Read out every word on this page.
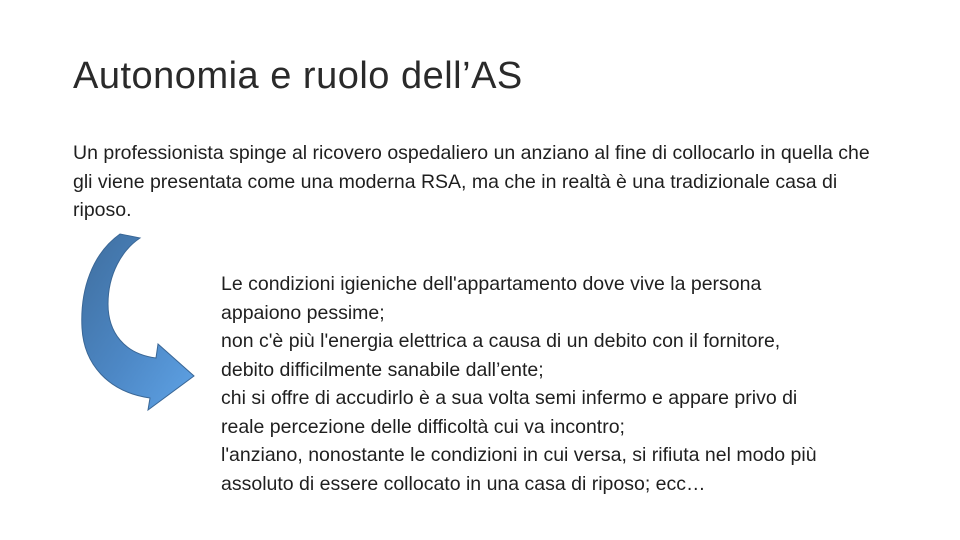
Autonomia e ruolo dell’AS
Un professionista spinge al ricovero ospedaliero un anziano al fine di collocarlo in quella che gli viene presentata come una moderna RSA, ma che in realtà è una tradizionale casa di riposo.
Le condizioni igieniche dell'appartamento dove vive la persona
appaiono pessime;
non c'è più l'energia elettrica a causa di un debito con il fornitore,
debito difficilmente sanabile dall’ente;
chi si offre di accudirlo è a sua volta semi infermo e appare privo di
reale percezione delle difficoltà cui va incontro;
l'anziano, nonostante le condizioni in cui versa, si rifiuta nel modo più
assoluto di essere collocato in una casa di riposo; ecc…
